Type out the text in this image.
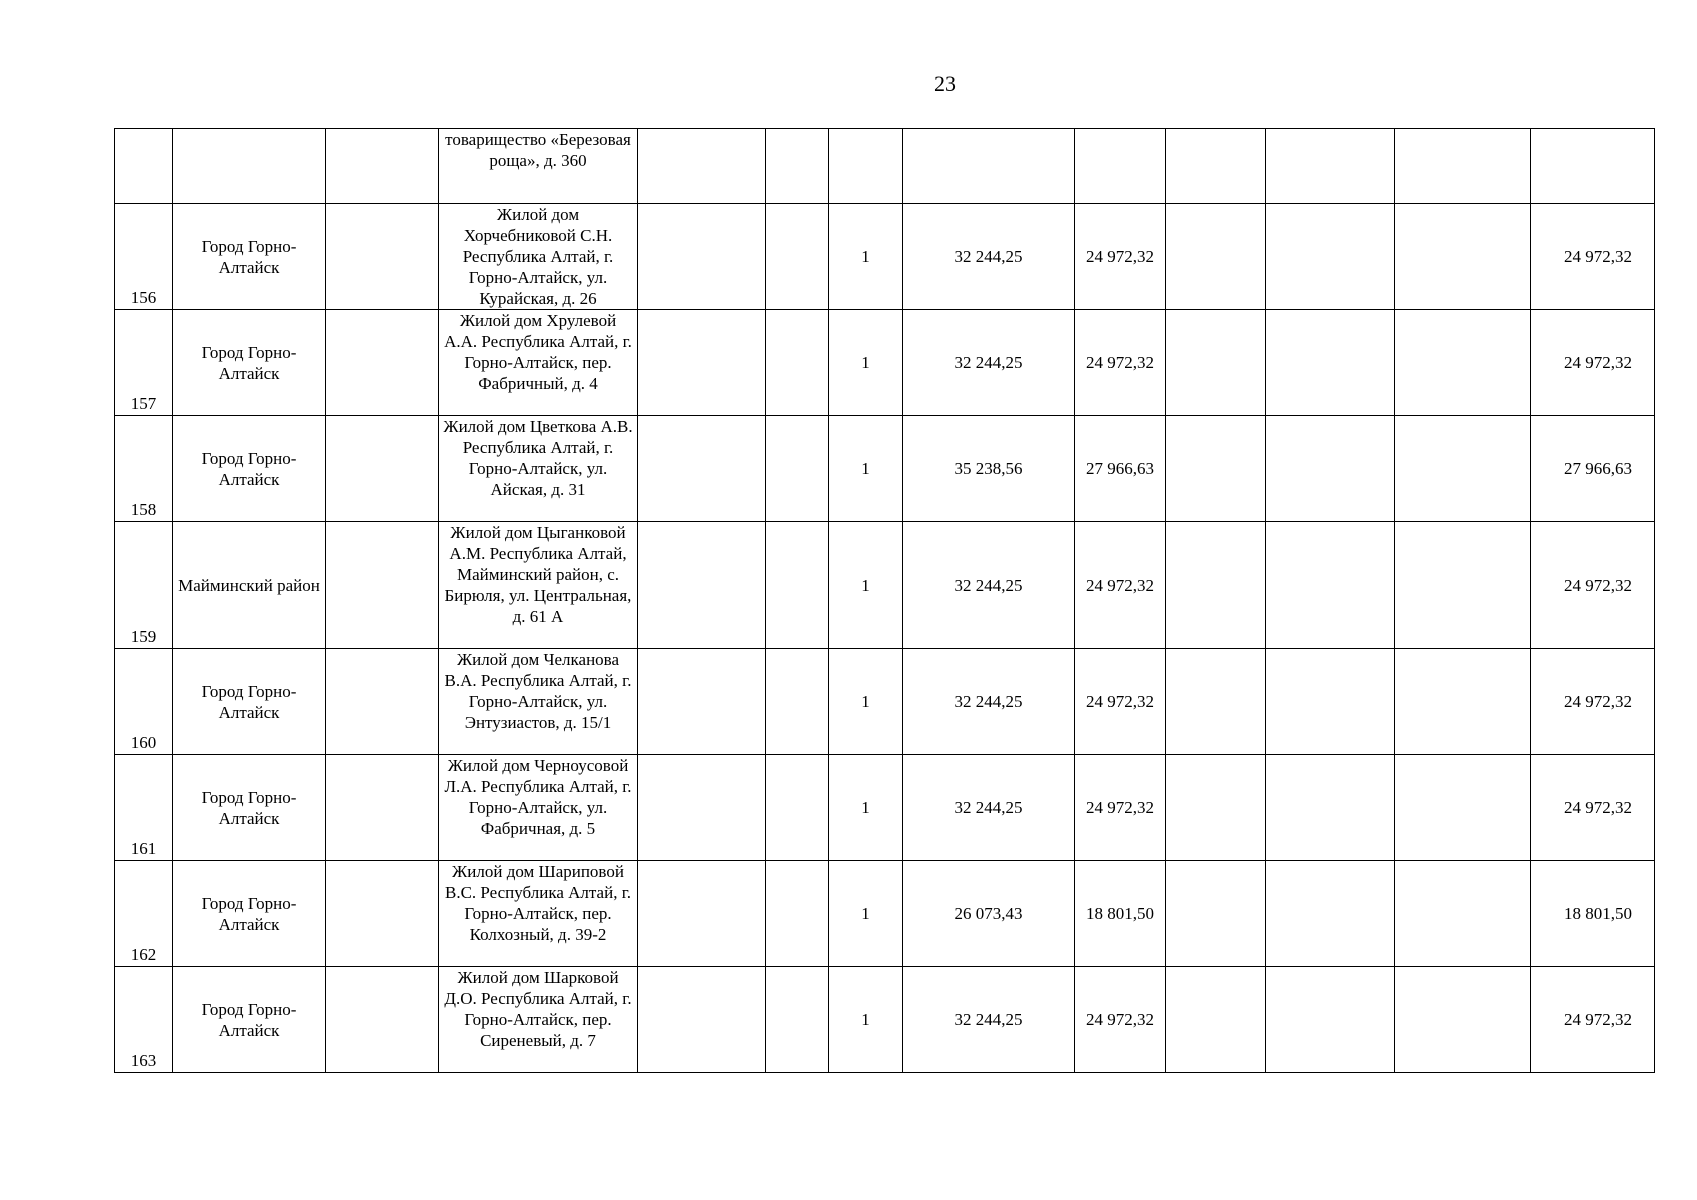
23
			товарищество «Березовая роща», д. 360									
156	Город Горно-Алтайск		Жилой дом Хорчебниковой С.Н. Республика Алтай, г. Горно-Алтайск, ул. Курайская, д. 26			1	32 244,25	24 972,32				24 972,32
157	Город Горно-Алтайск		Жилой дом Хрулевой А.А. Республика Алтай, г. Горно-Алтайск, пер. Фабричный, д. 4			1	32 244,25	24 972,32				24 972,32
158	Город Горно-Алтайск		Жилой дом Цветкова А.В. Республика Алтай, г. Горно-Алтайск, ул. Айская, д. 31			1	35 238,56	27 966,63				27 966,63
159	Майминский район		Жилой дом Цыганковой А.М. Республика Алтай, Майминский район, с. Бирюля, ул. Центральная, д. 61 А			1	32 244,25	24 972,32				24 972,32
160	Город Горно-Алтайск		Жилой дом Челканова В.А. Республика Алтай, г. Горно-Алтайск, ул. Энтузиастов, д. 15/1			1	32 244,25	24 972,32				24 972,32
161	Город Горно-Алтайск		Жилой дом Черноусовой Л.А. Республика Алтай, г. Горно-Алтайск, ул. Фабричная, д. 5			1	32 244,25	24 972,32				24 972,32
162	Город Горно-Алтайск		Жилой дом Шариповой В.С. Республика Алтай, г. Горно-Алтайск, пер. Колхозный, д. 39-2			1	26 073,43	18 801,50				18 801,50
163	Город Горно-Алтайск		Жилой дом Шарковой Д.О. Республика Алтай, г. Горно-Алтайск, пер. Сиреневый, д. 7			1	32 244,25	24 972,32				24 972,32
